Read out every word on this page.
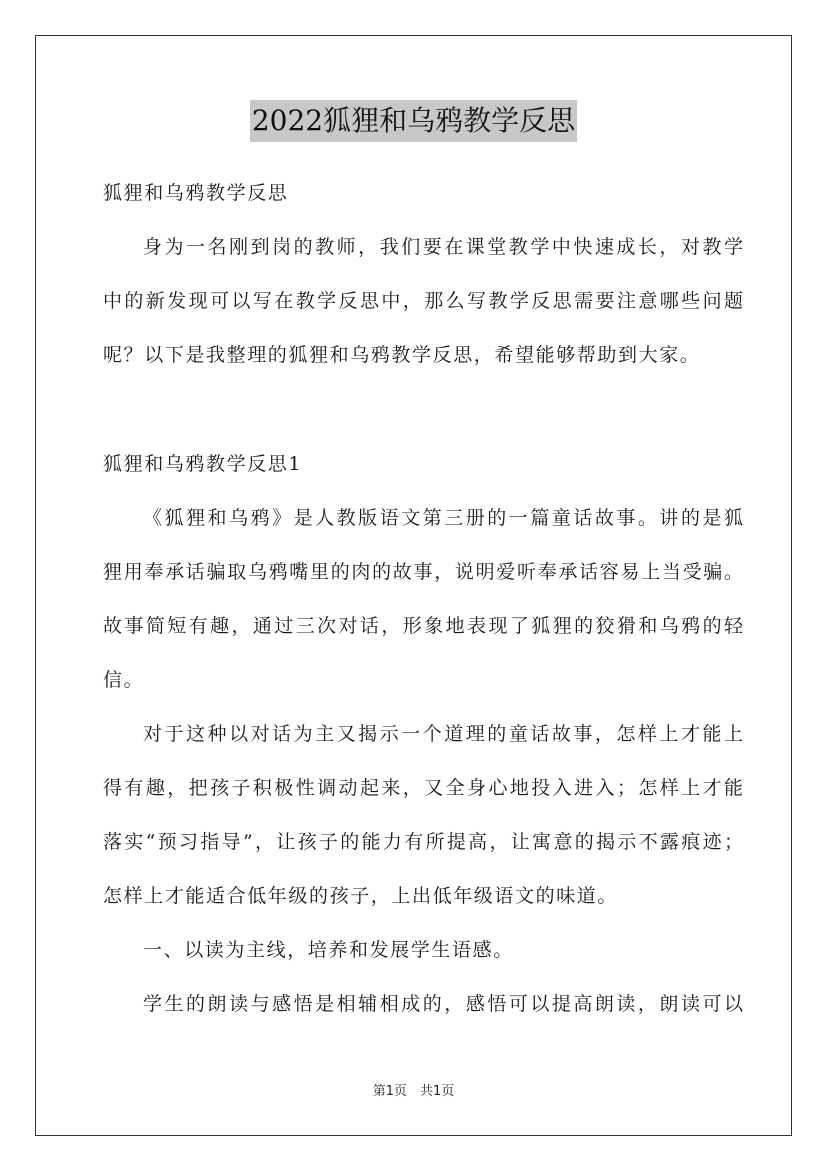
2022狐狸和乌鸦教学反思
狐狸和乌鸦教学反思
身为一名刚到岗的教师，我们要在课堂教学中快速成长，对教学
中的新发现可以写在教学反思中，那么写教学反思需要注意哪些问题
呢？以下是我整理的狐狸和乌鸦教学反思，希望能够帮助到大家。
狐狸和乌鸦教学反思1
《狐狸和乌鸦》是人教版语文第三册的一篇童话故事。讲的是狐
狸用奉承话骗取乌鸦嘴里的肉的故事，说明爱听奉承话容易上当受骗。
故事简短有趣，通过三次对话，形象地表现了狐狸的狡猾和乌鸦的轻
信。
对于这种以对话为主又揭示一个道理的童话故事，怎样上才能上
得有趣，把孩子积极性调动起来，又全身心地投入进入；怎样上才能
落实“预习指导”，让孩子的能力有所提高，让寓意的揭示不露痕迹；
怎样上才能适合低年级的孩子，上出低年级语文的味道。
一、以读为主线，培养和发展学生语感。
学生的朗读与感悟是相辅相成的，感悟可以提高朗读，朗读可以
第1页　共1页
